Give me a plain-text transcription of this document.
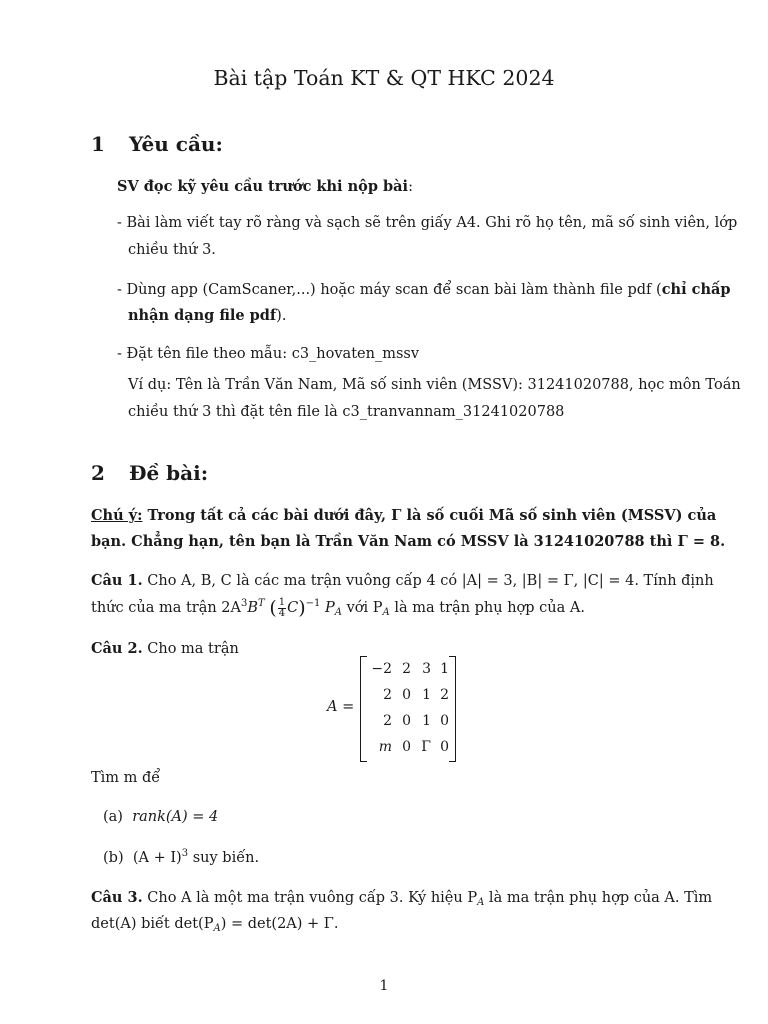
Bài tập Toán KT & QT HKC 2024
1 Yêu cầu:
SV đọc kỹ yêu cầu trước khi nộp bài:
- Bài làm viết tay rõ ràng và sạch sẽ trên giấy A4. Ghi rõ họ tên, mã số sinh viên, lớp
chiều thứ 3.
- Dùng app (CamScaner,...) hoặc máy scan để scan bài làm thành file pdf (chỉ chấp
nhận dạng file pdf).
- Đặt tên file theo mẫu: c3_hovaten_mssv
Ví dụ: Tên là Trần Văn Nam, Mã số sinh viên (MSSV): 31241020788, học môn Toán
chiều thứ 3 thì đặt tên file là c3_tranvannam_31241020788
2 Đề bài:
Chú ý: Trong tất cả các bài dưới đây, Γ là số cuối Mã số sinh viên (MSSV) của
bạn. Chẳng hạn, tên bạn là Trần Văn Nam có MSSV là 31241020788 thì Γ = 8.
Câu 1. Cho A, B, C là các ma trận vuông cấp 4 có |A| = 3, |B| = Γ, |C| = 4. Tính định
thức của ma trận $2A^3B^T$ ( $\frac{1}{4} C)^{-1}$ $P_A$ với $P_A$ là ma trận phụ hợp của A.
Câu 2. Cho ma trận
A =
−2	2	3	1
2	0	1	2
2	0	1	0
m	0	Γ	0
Tìm m để
(a) rank(A) = 4
(b) $(A + I)^3$ suy biến.
Câu 3. Cho A là một ma trận vuông cấp 3. Ký hiệu $P_A$ là ma trận phụ hợp của A. Tìm
det(A) biết $\det(P_A) = \det(2A) + \Gamma$.
1
